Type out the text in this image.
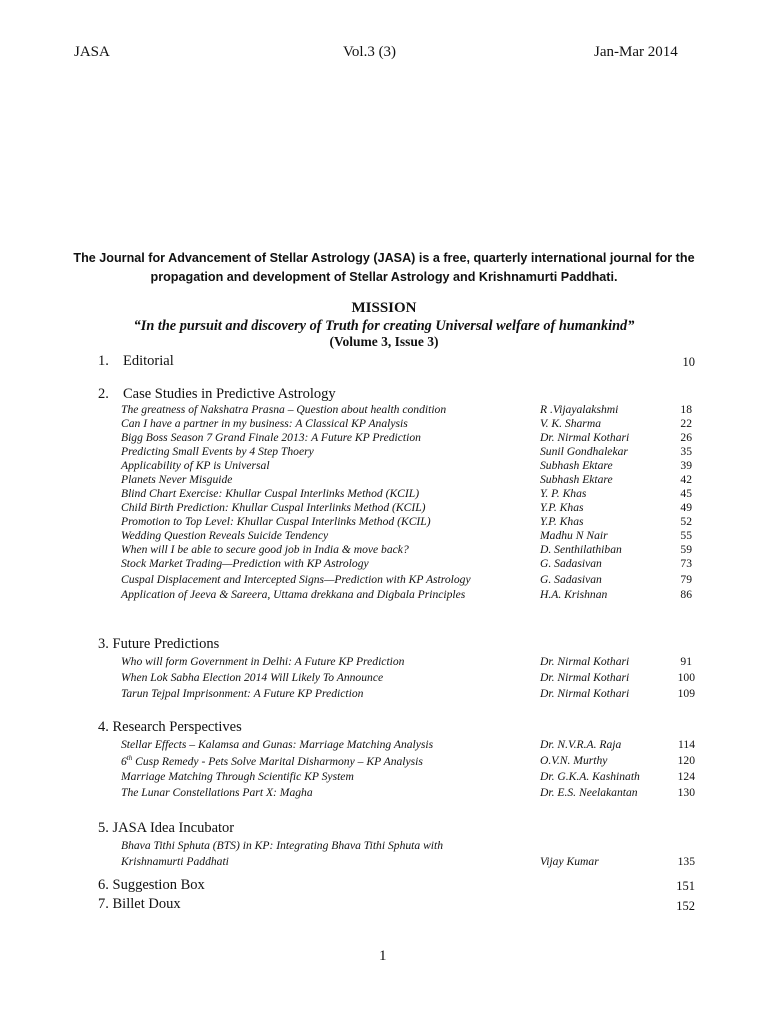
JASA	Vol.3 (3)	Jan-Mar 2014
The Journal for Advancement of Stellar Astrology (JASA) is a free, quarterly international journal for the propagation and development of Stellar Astrology and Krishnamurti Paddhati.
MISSION
“In the pursuit and discovery of Truth for creating Universal welfare of humankind”
(Volume 3, Issue 3)
1. Editorial	10
2. Case Studies in Predictive Astrology
The greatness of Nakshatra Prasna – Question about health condition	R .Vijayalakshmi	18
Can I have a partner in my business: A Classical KP Analysis	V. K. Sharma	22
Bigg Boss Season 7 Grand Finale 2013: A Future KP Prediction	Dr. Nirmal Kothari	26
Predicting Small Events by 4 Step Thoery	Sunil Gondhalekar	35
Applicability of KP is Universal	Subhash Ektare	39
Planets Never Misguide	Subhash Ektare	42
Blind Chart Exercise: Khullar Cuspal Interlinks Method (KCIL)	Y. P. Khas	45
Child Birth Prediction: Khullar Cuspal Interlinks Method (KCIL)	Y.P. Khas	49
Promotion to Top Level: Khullar Cuspal Interlinks Method (KCIL)	Y.P. Khas	52
Wedding Question Reveals Suicide Tendency	Madhu N Nair	55
When will I be able to secure good job in India & move back?	D. Senthilathiban	59
Stock Market Trading—Prediction with KP Astrology	G. Sadasivan	73
Cuspal Displacement and Intercepted Signs—Prediction with KP Astrology	G. Sadasivan	79
Application of Jeeva & Sareera, Uttama drekkana and Digbala Principles	H.A. Krishnan	86
3. Future Predictions
Who will form Government in Delhi: A Future KP Prediction	Dr. Nirmal Kothari	91
When Lok Sabha Election 2014 Will Likely To Announce	Dr. Nirmal Kothari	100
Tarun Tejpal Imprisonment: A Future KP Prediction	Dr. Nirmal Kothari	109
4. Research Perspectives
Stellar Effects – Kalamsa and Gunas: Marriage Matching Analysis	Dr. N.V.R.A. Raja	114
6th Cusp Remedy - Pets Solve Marital Disharmony – KP Analysis	O.V.N. Murthy	120
Marriage Matching Through Scientific KP System	Dr. G.K.A. Kashinath	124
The Lunar Constellations Part X: Magha	Dr. E.S. Neelakantan	130
5. JASA Idea Incubator
Bhava Tithi Sphuta (BTS) in KP: Integrating Bhava Tithi Sphuta with
Krishnamurti Paddhati	Vijay Kumar	135
6. Suggestion Box	151
7. Billet Doux	152
1
